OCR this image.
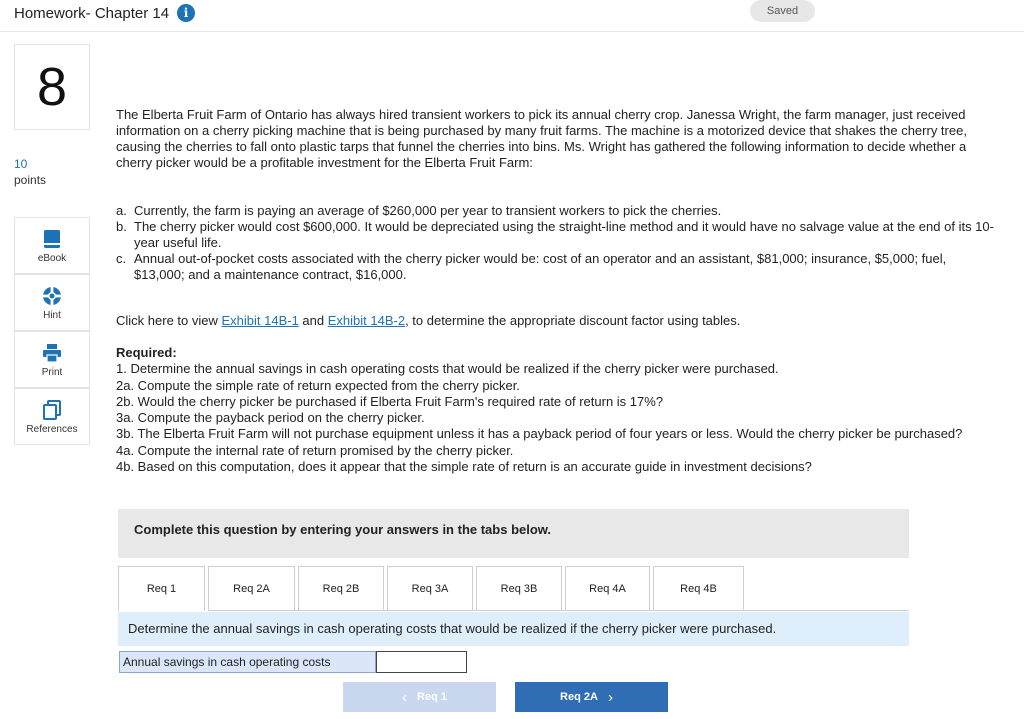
Homework- Chapter 14	i	Saved
8
10
points
eBook
Hint
Print
References

The Elberta Fruit Farm of Ontario has always hired transient workers to pick its annual cherry crop. Janessa Wright, the farm manager, just received information on a cherry picking machine that is being purchased by many fruit farms. The machine is a motorized device that shakes the cherry tree, causing the cherries to fall onto plastic tarps that funnel the cherries into bins. Ms. Wright has gathered the following information to decide whether a cherry picker would be a profitable investment for the Elberta Fruit Farm:

a. Currently, the farm is paying an average of $260,000 per year to transient workers to pick the cherries.
b. The cherry picker would cost $600,000. It would be depreciated using the straight-line method and it would have no salvage value at the end of its 10-year useful life.
c. Annual out-of-pocket costs associated with the cherry picker would be: cost of an operator and an assistant, $81,000; insurance, $5,000; fuel, $13,000; and a maintenance contract, $16,000.
Click here to view Exhibit 14B-1 and Exhibit 14B-2, to determine the appropriate discount factor using tables.
Required:
1. Determine the annual savings in cash operating costs that would be realized if the cherry picker were purchased.
2a. Compute the simple rate of return expected from the cherry picker.
2b. Would the cherry picker be purchased if Elberta Fruit Farm's required rate of return is 17%?
3a. Compute the payback period on the cherry picker.
3b. The Elberta Fruit Farm will not purchase equipment unless it has a payback period of four years or less. Would the cherry picker be purchased?
4a. Compute the internal rate of return promised by the cherry picker.
4b. Based on this computation, does it appear that the simple rate of return is an accurate guide in investment decisions?
Complete this question by entering your answers in the tabs below.
Req 1	Req 2A	Req 2B	Req 3A	Req 3B	Req 4A	Req 4B
Determine the annual savings in cash operating costs that would be realized if the cherry picker were purchased.
Annual savings in cash operating costs
‹ Req 1	Req 2A ›
